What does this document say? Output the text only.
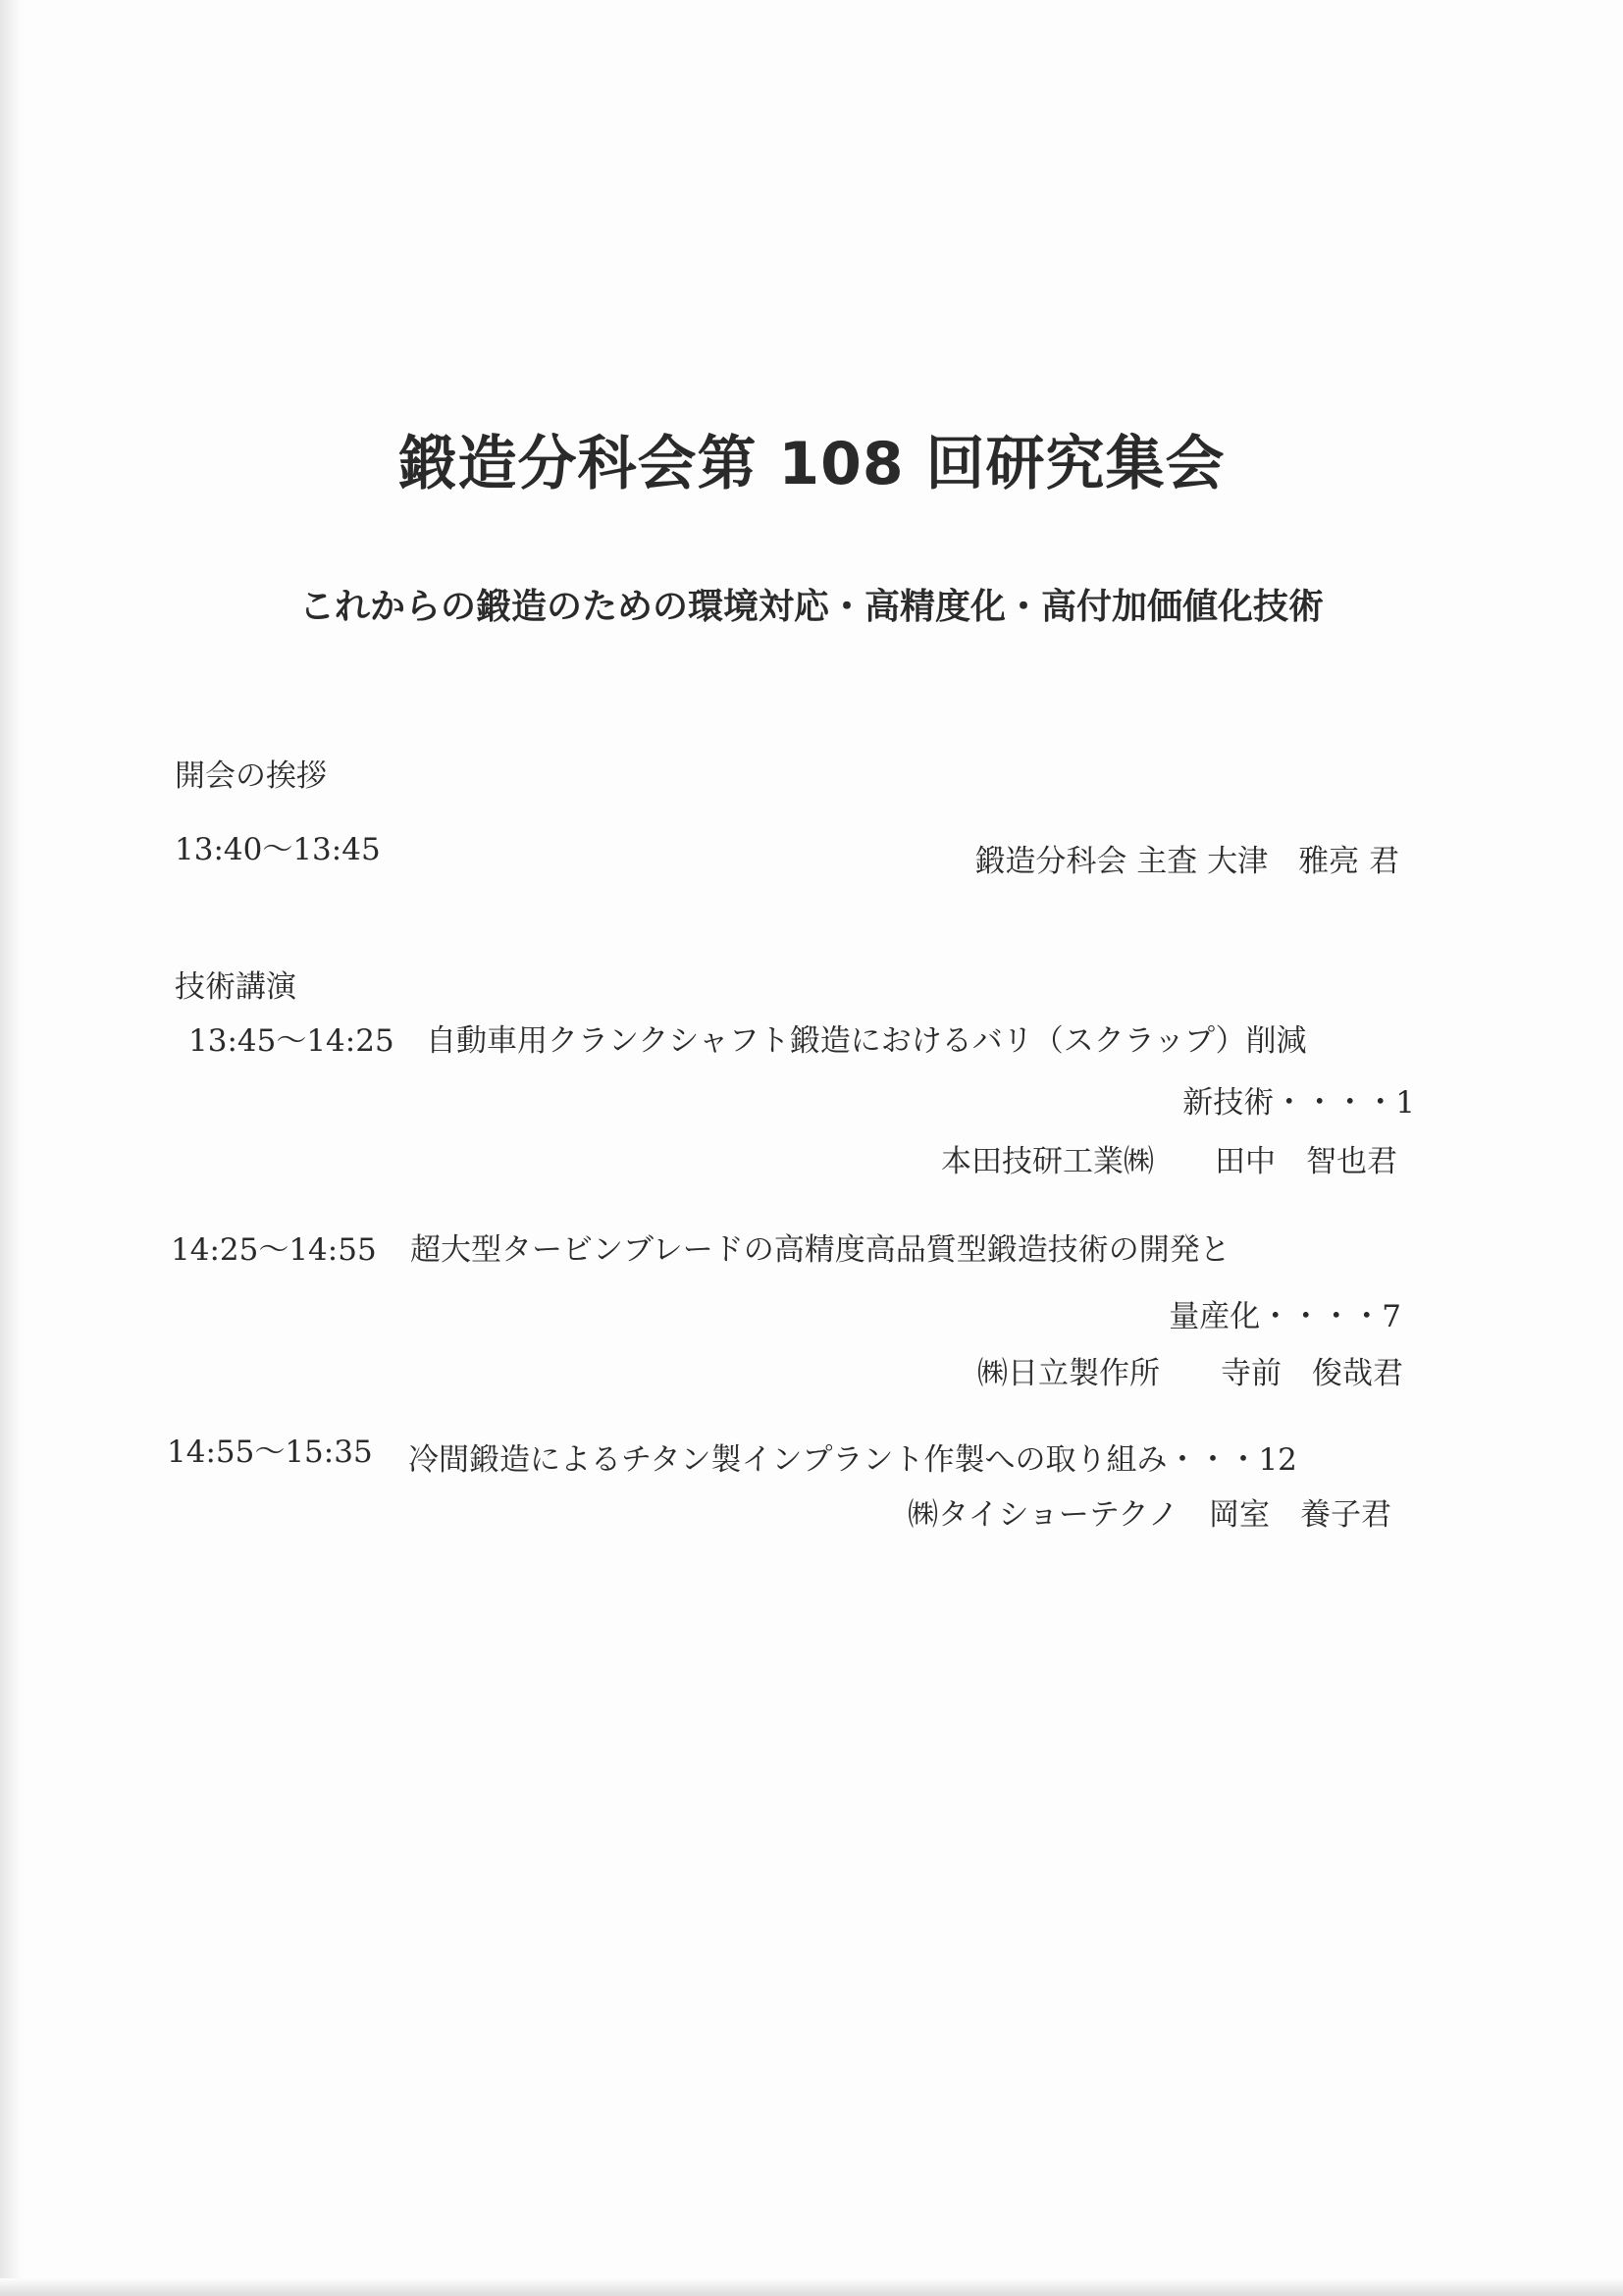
鍛造分科会第 108 回研究集会
これからの鍛造のための環境対応・高精度化・高付加価値化技術
開会の挨拶
13:40〜13:45	鍛造分科会 主査 大津　雅亮 君
技術講演
13:45〜14:25 自動車用クランクシャフト鍛造におけるバリ（スクラップ）削減
新技術・・・・1
本田技研工業㈱　　田中　智也君
14:25〜14:55 超大型タービンブレードの高精度高品質型鍛造技術の開発と
量産化・・・・7
㈱日立製作所　　寺前　俊哉君
14:55〜15:35 冷間鍛造によるチタン製インプラント作製への取り組み・・・12
㈱タイショーテクノ　岡室　養子君
